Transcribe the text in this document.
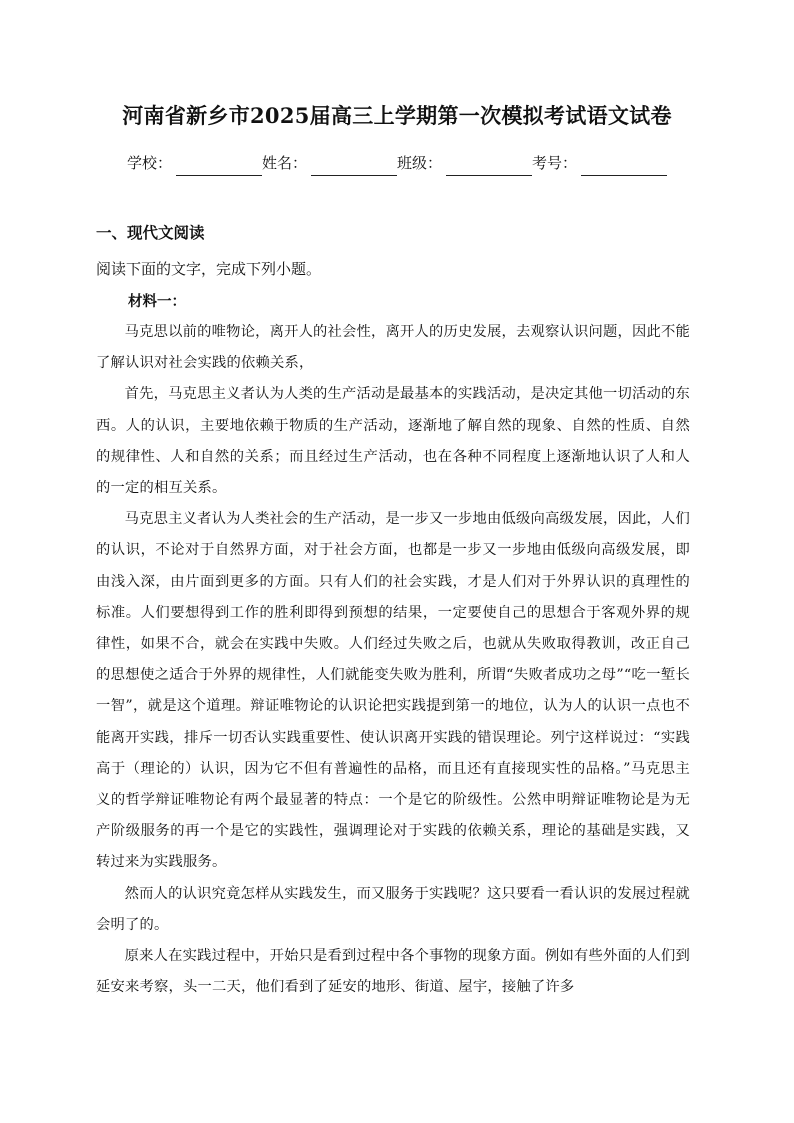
河南省新乡市2025届高三上学期第一次模拟考试语文试卷
学校：	姓名：	班级：	考号：
一、现代文阅读

阅读下面的文字，完成下列小题。

材料一：

马克思以前的唯物论，离开人的社会性，离开人的历史发展，去观察认识问题，因此不能了解认识对社会实践的依赖关系，

首先，马克思主义者认为人类的生产活动是最基本的实践活动，是决定其他一切活动的东西。人的认识，主要地依赖于物质的生产活动，逐渐地了解自然的现象、自然的性质、自然的规律性、人和自然的关系；而且经过生产活动，也在各种不同程度上逐渐地认识了人和人的一定的相互关系。

马克思主义者认为人类社会的生产活动，是一步又一步地由低级向高级发展，因此，人们的认识，不论对于自然界方面，对于社会方面，也都是一步又一步地由低级向高级发展，即由浅入深，由片面到更多的方面。只有人们的社会实践，才是人们对于外界认识的真理性的标准。人们要想得到工作的胜利即得到预想的结果，一定要使自己的思想合于客观外界的规律性，如果不合，就会在实践中失败。人们经过失败之后，也就从失败取得教训，改正自己的思想使之适合于外界的规律性，人们就能变失败为胜利，所谓“失败者成功之母”“吃一堑长一智”，就是这个道理。辩证唯物论的认识论把实践提到第一的地位，认为人的认识一点也不能离开实践，排斥一切否认实践重要性、使认识离开实践的错误理论。列宁这样说过：“实践高于（理论的）认识，因为它不但有普遍性的品格，而且还有直接现实性的品格。”马克思主义的哲学辩证唯物论有两个最显著的特点：一个是它的阶级性。公然申明辩证唯物论是为无产阶级服务的再一个是它的实践性，强调理论对于实践的依赖关系，理论的基础是实践，又转过来为实践服务。

然而人的认识究竟怎样从实践发生，而又服务于实践呢？这只要看一看认识的发展过程就会明了的。

原来人在实践过程中，开始只是看到过程中各个事物的现象方面。例如有些外面的人们到延安来考察，头一二天，他们看到了延安的地形、街道、屋宇，接触了许多
